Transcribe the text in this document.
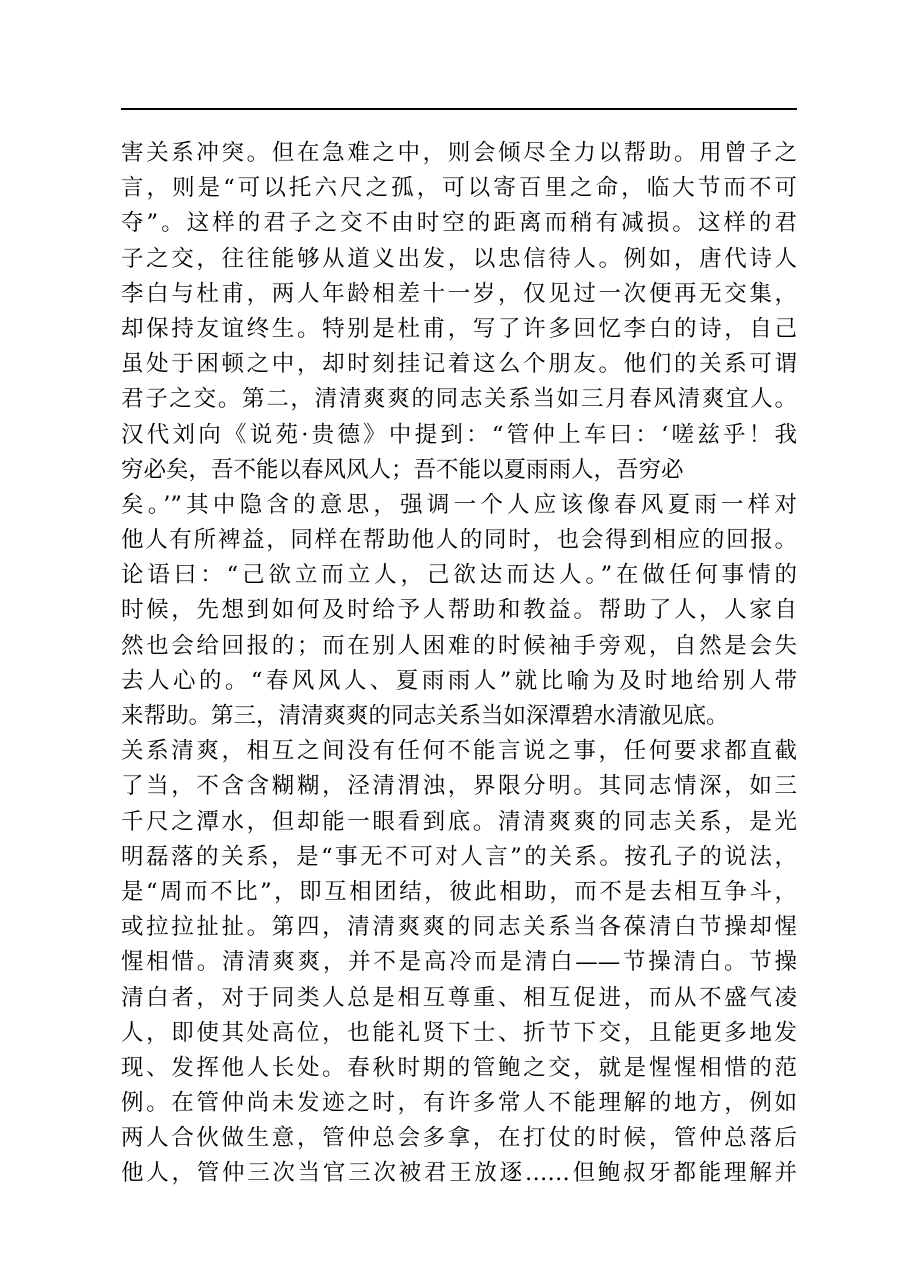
害关系冲突。但在急难之中，则会倾尽全力以帮助。用曾子之
言，则是“可以托六尺之孤，可以寄百里之命，临大节而不可
夺”。这样的君子之交不由时空的距离而稍有减损。这样的君
子之交，往往能够从道义出发，以忠信待人。例如，唐代诗人
李白与杜甫，两人年龄相差十一岁，仅见过一次便再无交集，
却保持友谊终生。特别是杜甫，写了许多回忆李白的诗，自己
虽处于困顿之中，却时刻挂记着这么个朋友。他们的关系可谓
君子之交。第二，清清爽爽的同志关系当如三月春风清爽宜人。
汉代刘向《说苑·贵德》中提到：“管仲上车曰：‘嗟兹乎！我
穷必矣，吾不能以春风风人；吾不能以夏雨雨人，吾穷必
矣。’”其中隐含的意思，强调一个人应该像春风夏雨一样对
他人有所裨益，同样在帮助他人的同时，也会得到相应的回报。
论语曰：“己欲立而立人，己欲达而达人。”在做任何事情的
时候，先想到如何及时给予人帮助和教益。帮助了人，人家自
然也会给回报的；而在别人困难的时候袖手旁观，自然是会失
去人心的。“春风风人、夏雨雨人”就比喻为及时地给别人带
来帮助。第三，清清爽爽的同志关系当如深潭碧水清澈见底。
关系清爽，相互之间没有任何不能言说之事，任何要求都直截
了当，不含含糊糊，泾清渭浊，界限分明。其同志情深，如三
千尺之潭水，但却能一眼看到底。清清爽爽的同志关系，是光
明磊落的关系，是“事无不可对人言”的关系。按孔子的说法，
是“周而不比”，即互相团结，彼此相助，而不是去相互争斗，
或拉拉扯扯。第四，清清爽爽的同志关系当各葆清白节操却惺
惺相惜。清清爽爽，并不是高冷而是清白——节操清白。节操
清白者，对于同类人总是相互尊重、相互促进，而从不盛气凌
人，即使其处高位，也能礼贤下士、折节下交，且能更多地发
现、发挥他人长处。春秋时期的管鲍之交，就是惺惺相惜的范
例。在管仲尚未发迹之时，有许多常人不能理解的地方，例如
两人合伙做生意，管仲总会多拿，在打仗的时候，管仲总落后
他人，管仲三次当官三次被君王放逐……但鲍叔牙都能理解并
